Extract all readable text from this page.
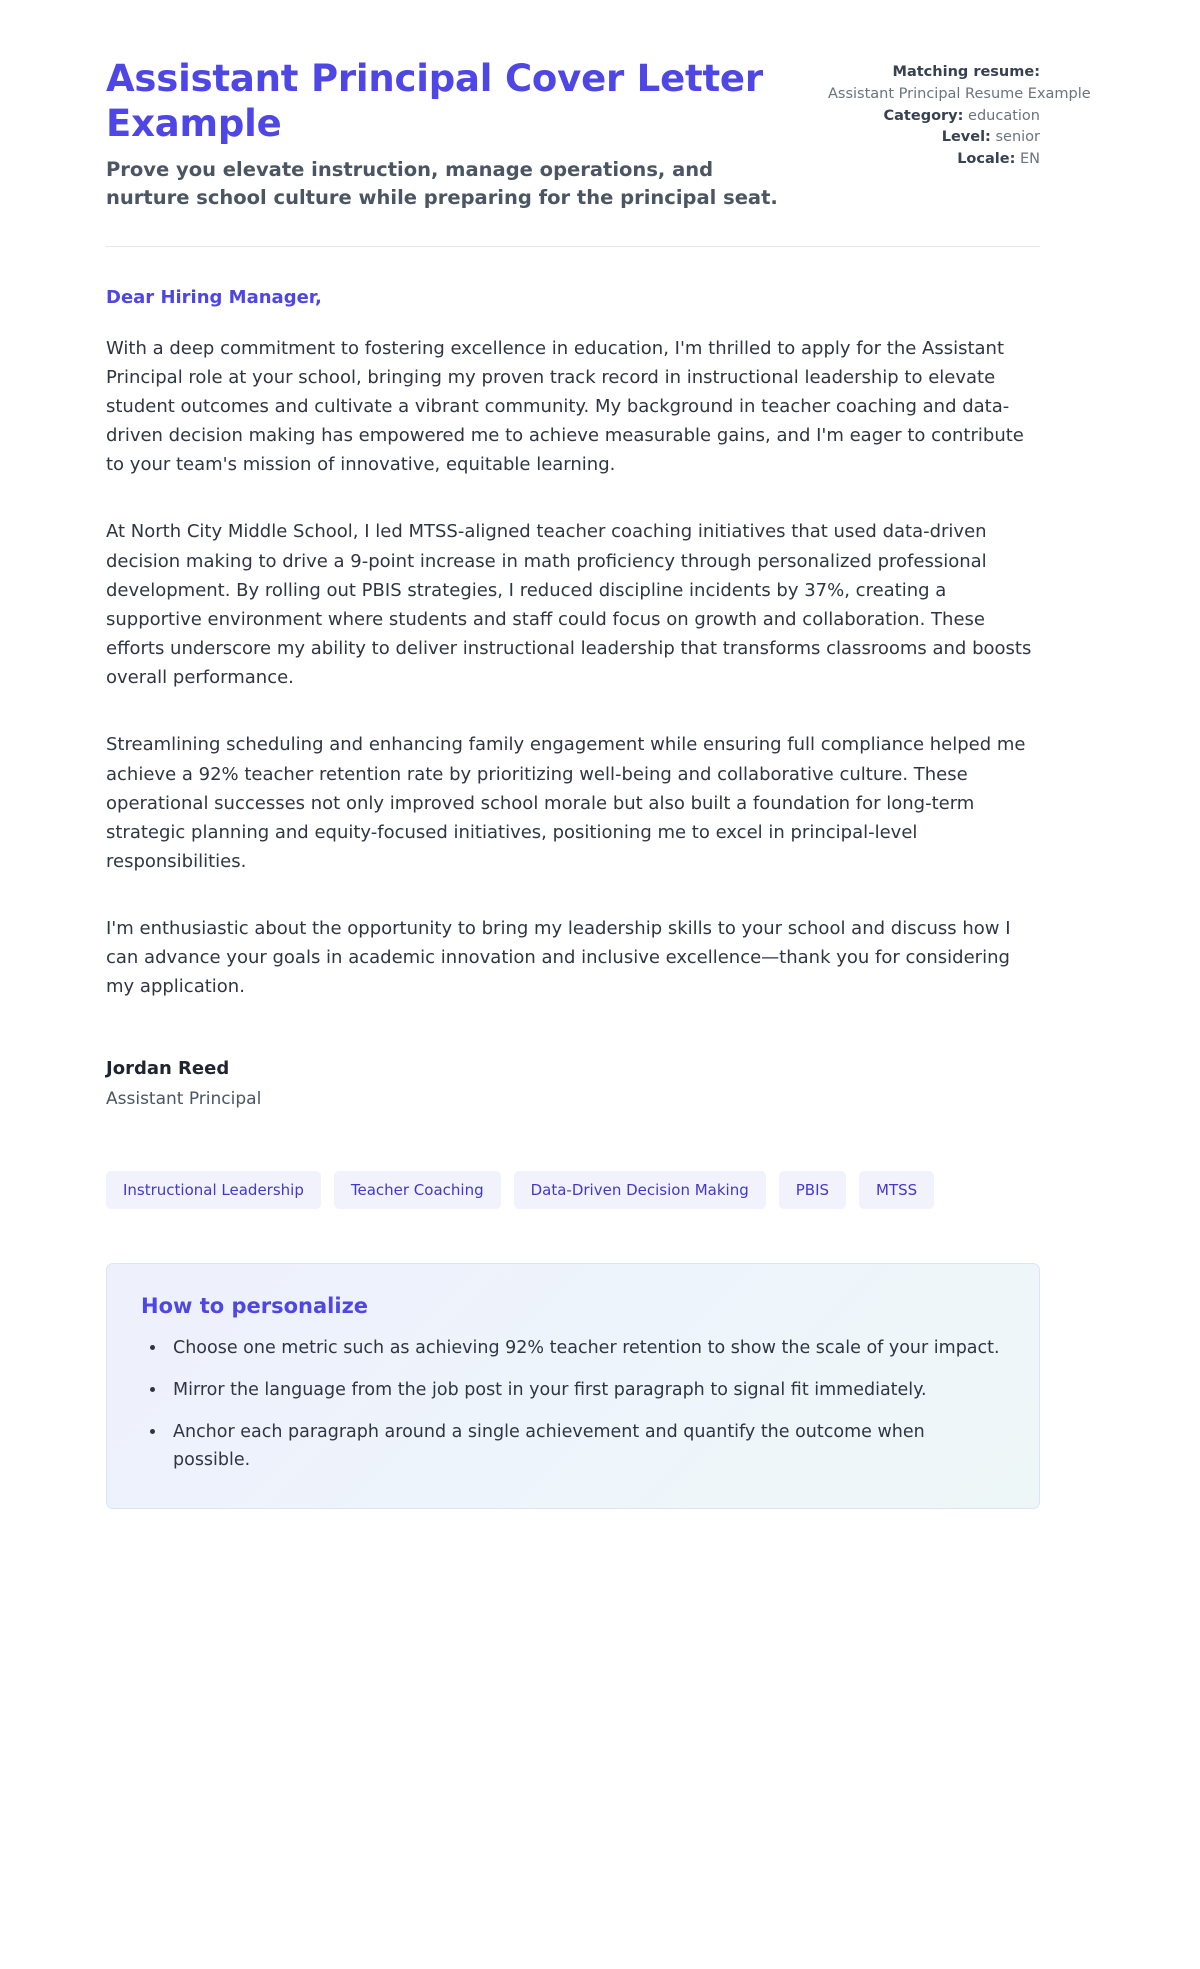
Assistant Principal Cover Letter Example

Prove you elevate instruction, manage operations, and nurture school culture while preparing for the principal seat.

Matching resume:
Assistant Principal Resume Example
Category: education
Level: senior
Locale: EN

Dear Hiring Manager,

With a deep commitment to fostering excellence in education, I'm thrilled to apply for the Assistant Principal role at your school, bringing my proven track record in instructional leadership to elevate student outcomes and cultivate a vibrant community. My background in teacher coaching and data-driven decision making has empowered me to achieve measurable gains, and I'm eager to contribute to your team's mission of innovative, equitable learning.

At North City Middle School, I led MTSS-aligned teacher coaching initiatives that used data-driven decision making to drive a 9-point increase in math proficiency through personalized professional development. By rolling out PBIS strategies, I reduced discipline incidents by 37%, creating a supportive environment where students and staff could focus on growth and collaboration. These efforts underscore my ability to deliver instructional leadership that transforms classrooms and boosts overall performance.

Streamlining scheduling and enhancing family engagement while ensuring full compliance helped me achieve a 92% teacher retention rate by prioritizing well-being and collaborative culture. These operational successes not only improved school morale but also built a foundation for long-term strategic planning and equity-focused initiatives, positioning me to excel in principal-level responsibilities.

I'm enthusiastic about the opportunity to bring my leadership skills to your school and discuss how I can advance your goals in academic innovation and inclusive excellence—thank you for considering my application.

Jordan Reed

Assistant Principal

Instructional Leadership	Teacher Coaching	Data-Driven Decision Making	PBIS	MTSS
How to personalize
• Choose one metric such as achieving 92% teacher retention to show the scale of your impact.
• Mirror the language from the job post in your first paragraph to signal fit immediately.
• Anchor each paragraph around a single achievement and quantify the outcome when possible.
